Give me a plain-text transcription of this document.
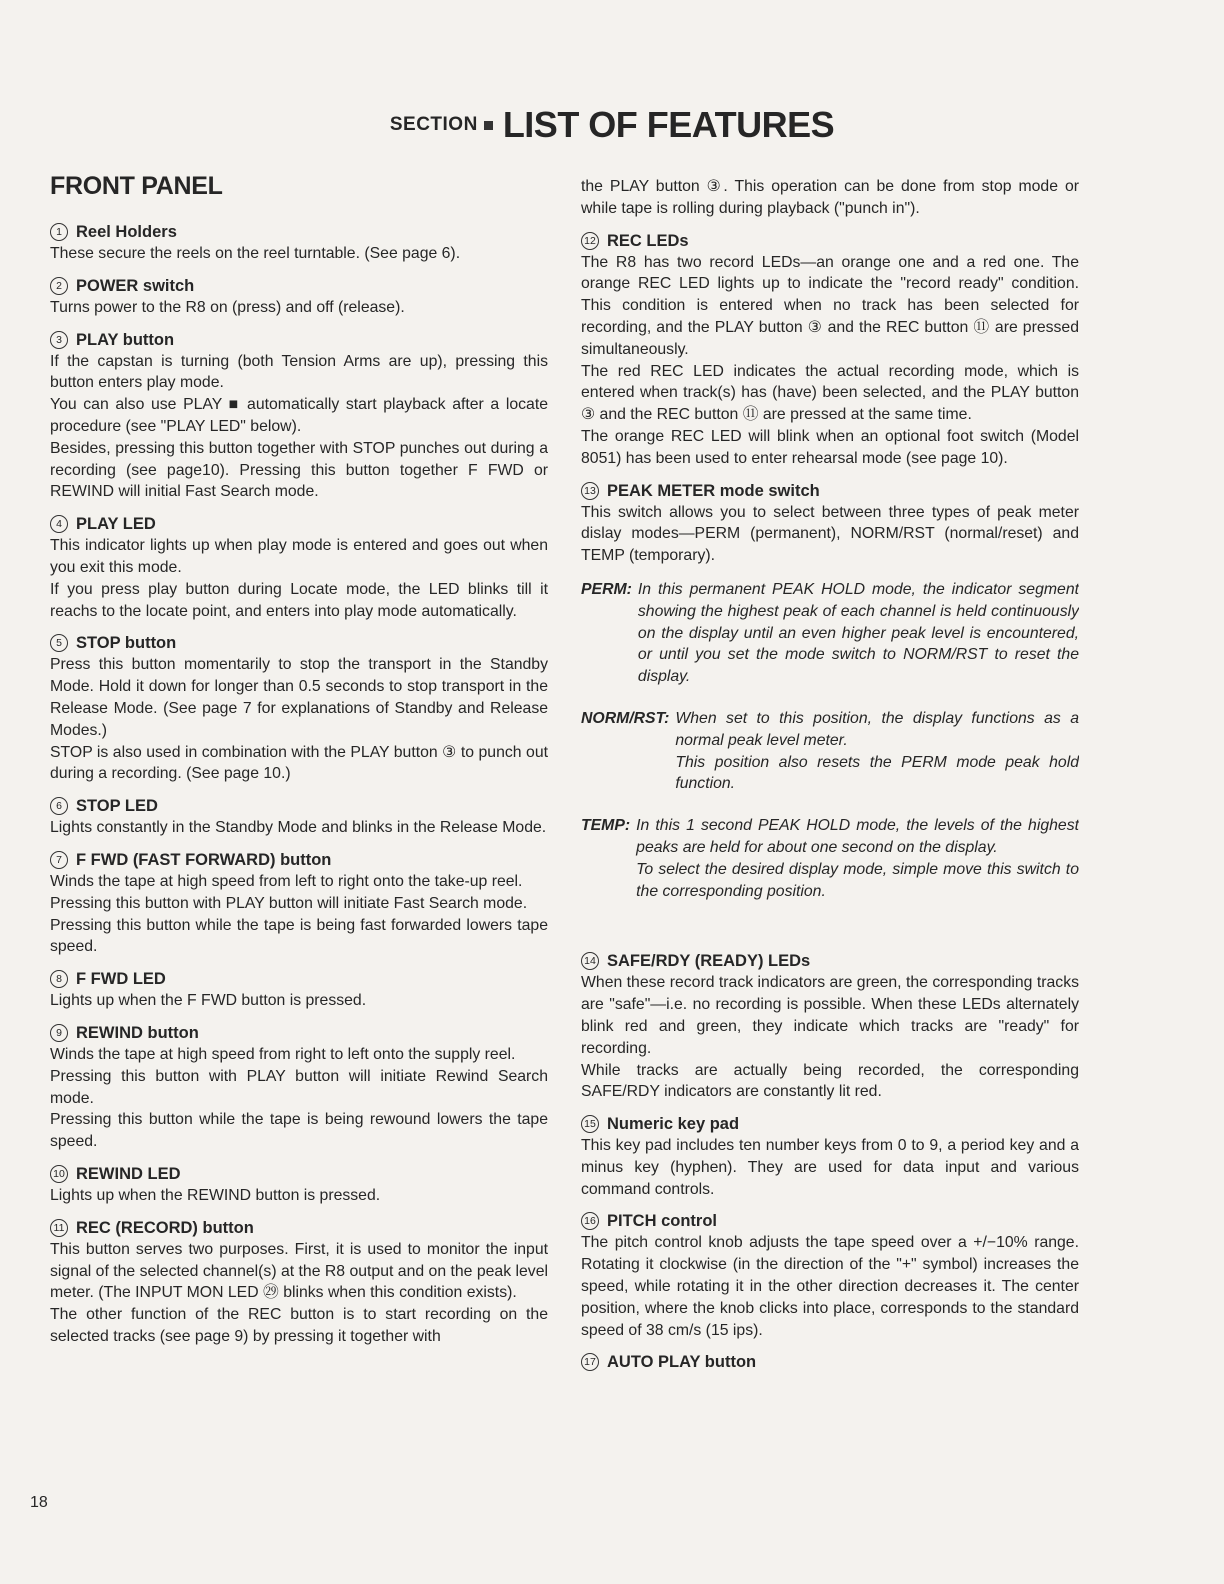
SECTION LIST OF FEATURES
FRONT PANEL
1 Reel Holders

These secure the reels on the reel turntable. (See page 6).

2 POWER switch

Turns power to the R8 on (press) and off (release).

3 PLAY button

If the capstan is turning (both Tension Arms are up), pressing this button enters play mode.

You can also use PLAY ■ automatically start playback after a locate procedure (see "PLAY LED" below).

Besides, pressing this button together with STOP punches out during a recording (see page10). Pressing this button together F FWD or REWIND will initial Fast Search mode.

4 PLAY LED

This indicator lights up when play mode is entered and goes out when you exit this mode.

If you press play button during Locate mode, the LED blinks till it reachs to the locate point, and enters into play mode automatically.

5 STOP button

Press this button momentarily to stop the transport in the Standby Mode. Hold it down for longer than 0.5 seconds to stop transport in the Release Mode. (See page 7 for explanations of Standby and Release Modes.)

STOP is also used in combination with the PLAY button ③ to punch out during a recording. (See page 10.)

6 STOP LED

Lights constantly in the Standby Mode and blinks in the Release Mode.

7 F FWD (FAST FORWARD) button

Winds the tape at high speed from left to right onto the take-up reel.

Pressing this button with PLAY button will initiate Fast Search mode.

Pressing this button while the tape is being fast forwarded lowers tape speed.

8 F FWD LED

Lights up when the F FWD button is pressed.

9 REWIND button

Winds the tape at high speed from right to left onto the supply reel.

Pressing this button with PLAY button will initiate Rewind Search mode.

Pressing this button while the tape is being rewound lowers the tape speed.

10 REWIND LED

Lights up when the REWIND button is pressed.

11 REC (RECORD) button

This button serves two purposes. First, it is used to monitor the input signal of the selected channel(s) at the R8 output and on the peak level meter. (The INPUT MON LED ㉙ blinks when this condition exists).

The other function of the REC button is to start recording on the selected tracks (see page 9) by pressing it together with

the PLAY button ③. This operation can be done from stop mode or while tape is rolling during playback ("punch in").

12 REC LEDs

The R8 has two record LEDs—an orange one and a red one. The orange REC LED lights up to indicate the "record ready" condition. This condition is entered when no track has been selected for recording, and the PLAY button ③ and the REC button ⑪ are pressed simultaneously.

The red REC LED indicates the actual recording mode, which is entered when track(s) has (have) been selected, and the PLAY button ③ and the REC button ⑪ are pressed at the same time.

The orange REC LED will blink when an optional foot switch (Model 8051) has been used to enter rehearsal mode (see page 10).

13 PEAK METER mode switch

This switch allows you to select between three types of peak meter dislay modes—PERM (permanent), NORM/RST (normal/reset) and TEMP (temporary).

PERM: In this permanent PEAK HOLD mode, the indicator segment showing the highest peak of each channel is held continuously on the display until an even higher peak level is encountered, or until you set the mode switch to NORM/RST to reset the display.

NORM/RST: When set to this position, the display functions as a normal peak level meter.

This position also resets the PERM mode peak hold function.

TEMP: In this 1 second PEAK HOLD mode, the levels of the highest peaks are held for about one second on the display.

To select the desired display mode, simple move this switch to the corresponding position.

14 SAFE/RDY (READY) LEDs

When these record track indicators are green, the corresponding tracks are "safe"—i.e. no recording is possible. When these LEDs alternately blink red and green, they indicate which tracks are "ready" for recording.

While tracks are actually being recorded, the corresponding SAFE/RDY indicators are constantly lit red.

15 Numeric key pad

This key pad includes ten number keys from 0 to 9, a period key and a minus key (hyphen). They are used for data input and various command controls.

16 PITCH control

The pitch control knob adjusts the tape speed over a +/−10% range. Rotating it clockwise (in the direction of the "+" symbol) increases the speed, while rotating it in the other direction decreases it. The center position, where the knob clicks into place, corresponds to the standard speed of 38 cm/s (15 ips).

17 AUTO PLAY button
18
